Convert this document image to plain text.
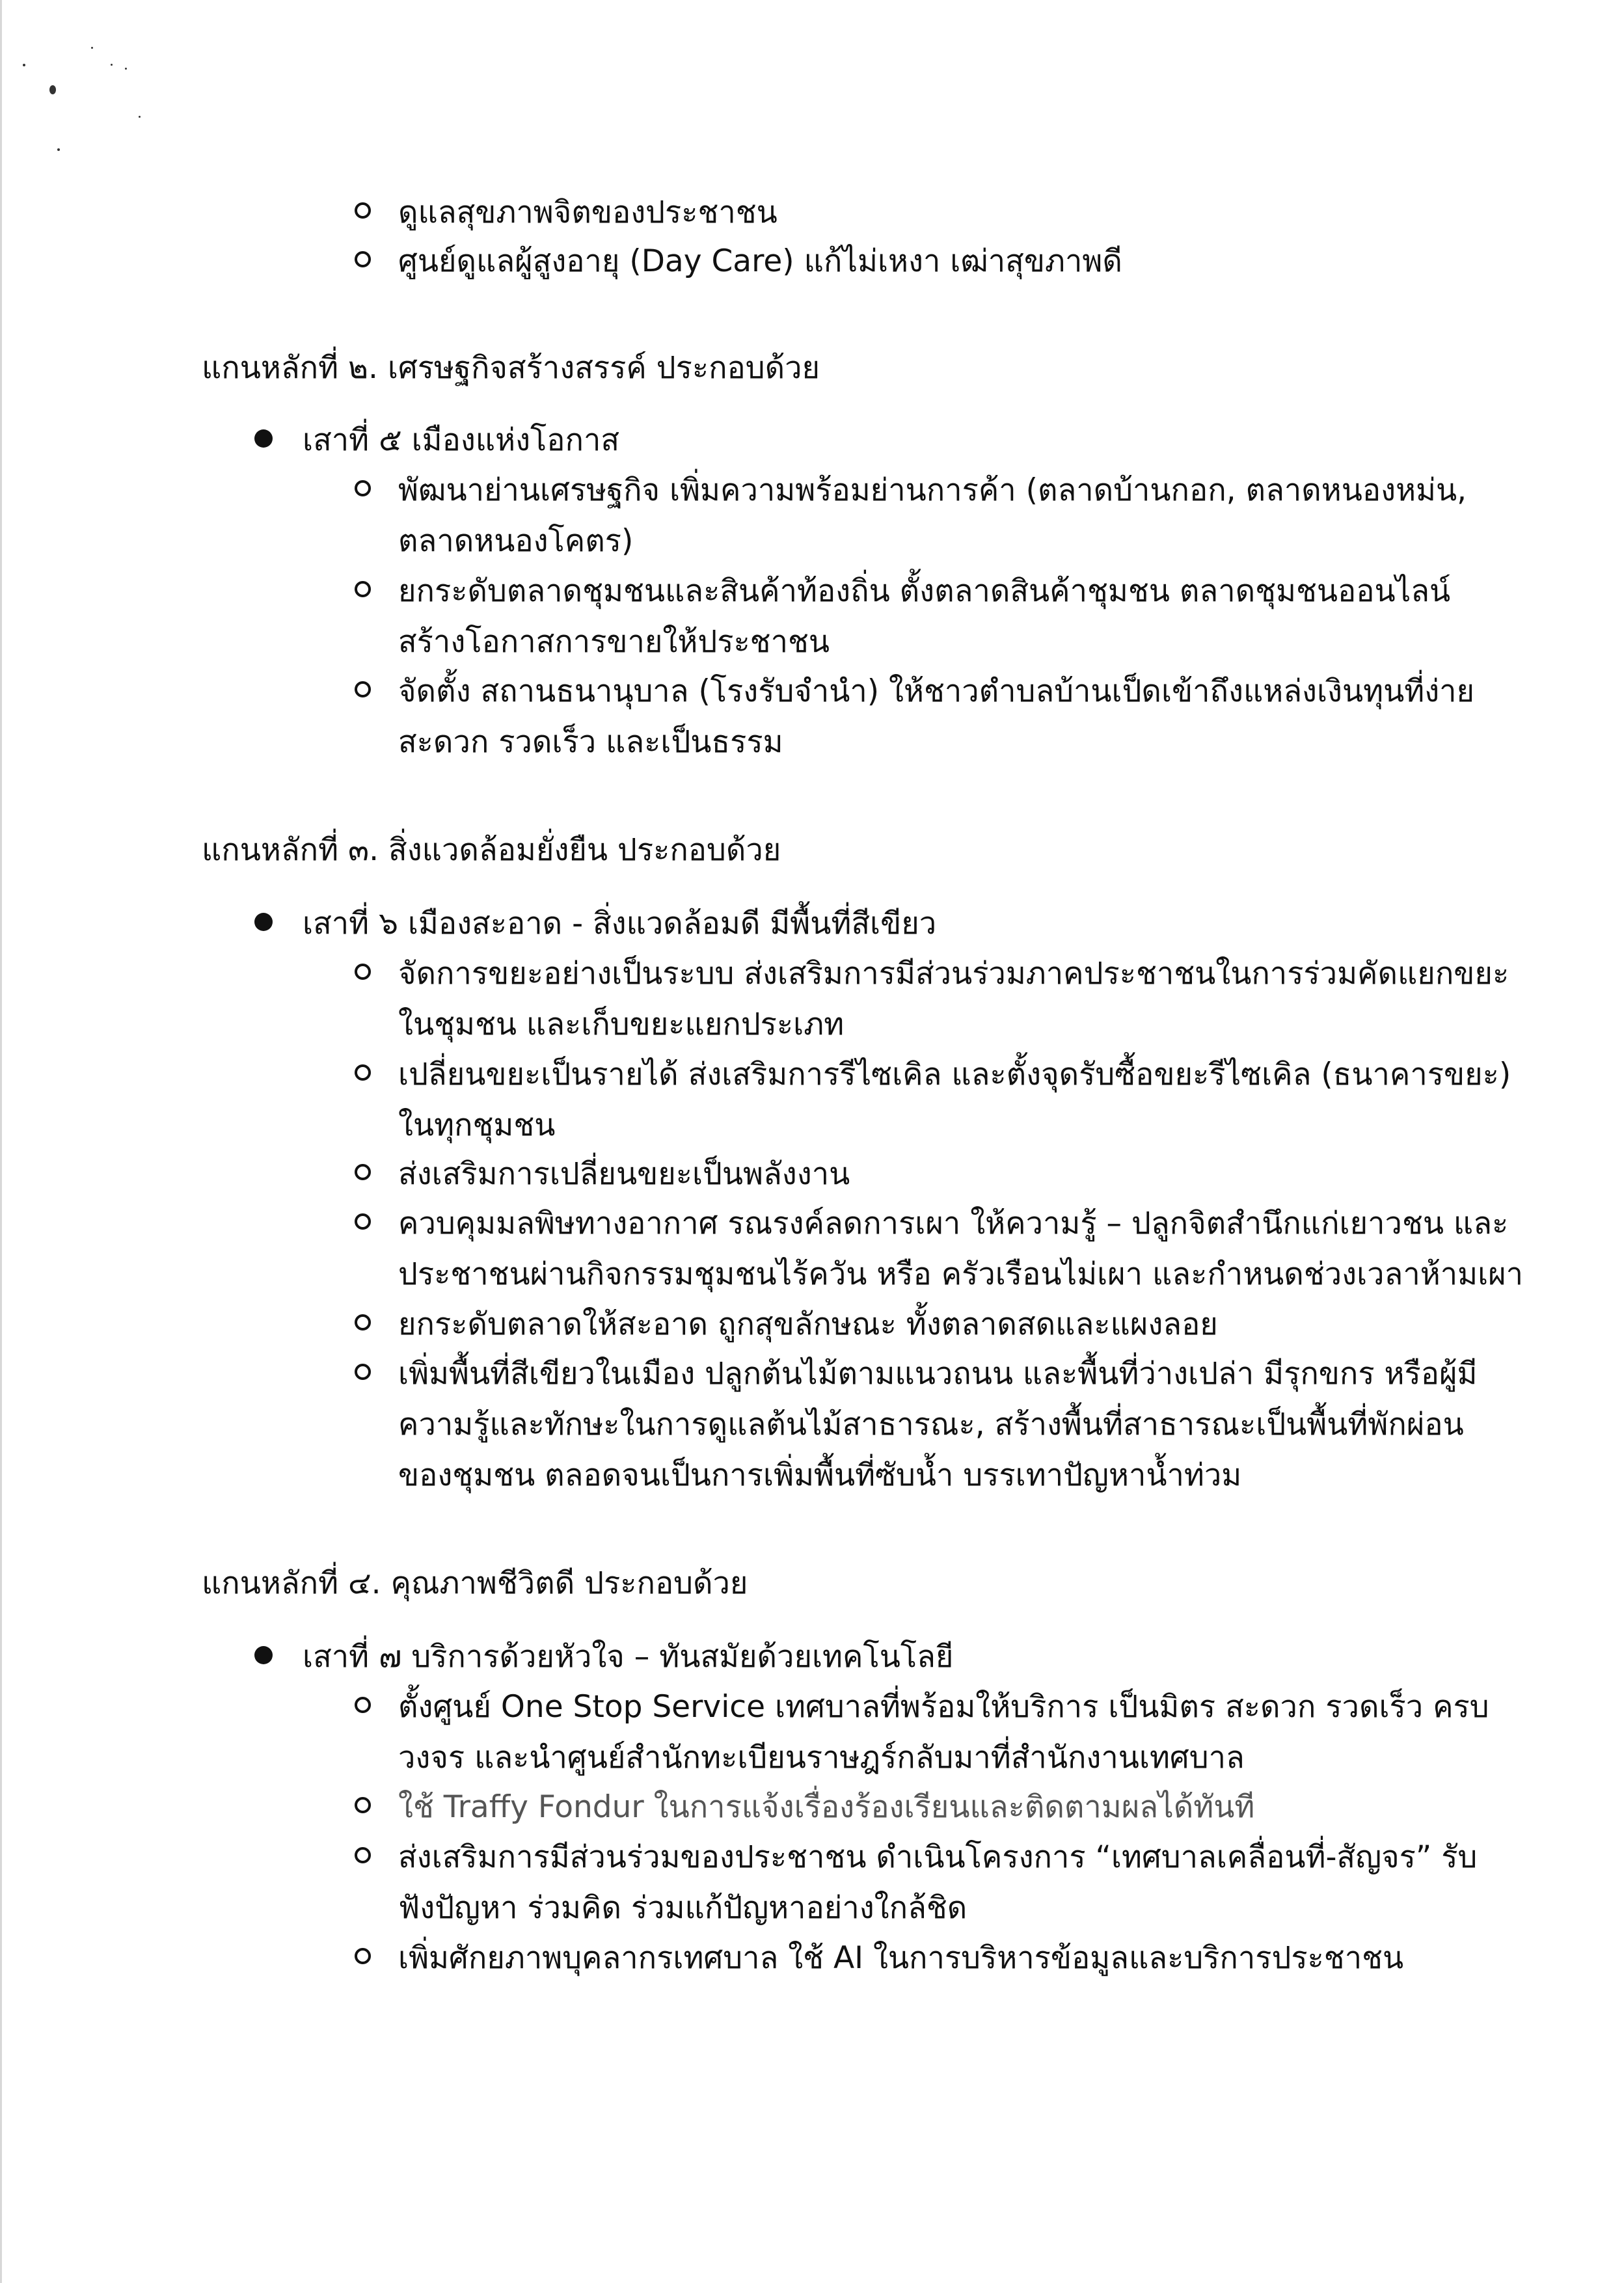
ดูแลสุขภาพจิตของประชาชน
ศูนย์ดูแลผู้สูงอายุ (Day Care) แก้ไม่เหงา เฒ่าสุขภาพดี
แกนหลักที่ ๒. เศรษฐกิจสร้างสรรค์ ประกอบด้วย
เสาที่ ๕ เมืองแห่งโอกาส
พัฒนาย่านเศรษฐกิจ เพิ่มความพร้อมย่านการค้า (ตลาดบ้านกอก, ตลาดหนองหม่น,
ตลาดหนองโคตร)
ยกระดับตลาดชุมชนและสินค้าท้องถิ่น ตั้งตลาดสินค้าชุมชน ตลาดชุมชนออนไลน์
สร้างโอกาสการขายให้ประชาชน
จัดตั้ง สถานธนานุบาล (โรงรับจำนำ) ให้ชาวตำบลบ้านเป็ดเข้าถึงแหล่งเงินทุนที่ง่าย
สะดวก รวดเร็ว และเป็นธรรม
แกนหลักที่ ๓. สิ่งแวดล้อมยั่งยืน ประกอบด้วย
เสาที่ ๖ เมืองสะอาด - สิ่งแวดล้อมดี มีพื้นที่สีเขียว
จัดการขยะอย่างเป็นระบบ ส่งเสริมการมีส่วนร่วมภาคประชาชนในการร่วมคัดแยกขยะ
ในชุมชน และเก็บขยะแยกประเภท
เปลี่ยนขยะเป็นรายได้ ส่งเสริมการรีไซเคิล และตั้งจุดรับซื้อขยะรีไซเคิล (ธนาคารขยะ)
ในทุกชุมชน
ส่งเสริมการเปลี่ยนขยะเป็นพลังงาน
ควบคุมมลพิษทางอากาศ รณรงค์ลดการเผา ให้ความรู้ – ปลูกจิตสำนึกแก่เยาวชน และ
ประชาชนผ่านกิจกรรมชุมชนไร้ควัน หรือ ครัวเรือนไม่เผา และกำหนดช่วงเวลาห้ามเผา
ยกระดับตลาดให้สะอาด ถูกสุขลักษณะ ทั้งตลาดสดและแผงลอย
เพิ่มพื้นที่สีเขียวในเมือง ปลูกต้นไม้ตามแนวถนน และพื้นที่ว่างเปล่า มีรุกขกร หรือผู้มี
ความรู้และทักษะในการดูแลต้นไม้สาธารณะ, สร้างพื้นที่สาธารณะเป็นพื้นที่พักผ่อน
ของชุมชน ตลอดจนเป็นการเพิ่มพื้นที่ซับน้ำ บรรเทาปัญหาน้ำท่วม
แกนหลักที่ ๔. คุณภาพชีวิตดี ประกอบด้วย
เสาที่ ๗ บริการด้วยหัวใจ – ทันสมัยด้วยเทคโนโลยี
ตั้งศูนย์ One Stop Service เทศบาลที่พร้อมให้บริการ เป็นมิตร สะดวก รวดเร็ว ครบ
วงจร และนำศูนย์สำนักทะเบียนราษฎร์กลับมาที่สำนักงานเทศบาล
ใช้ Traffy Fondur ในการแจ้งเรื่องร้องเรียนและติดตามผลได้ทันที
ส่งเสริมการมีส่วนร่วมของประชาชน ดำเนินโครงการ “เทศบาลเคลื่อนที่-สัญจร” รับ
ฟังปัญหา ร่วมคิด ร่วมแก้ปัญหาอย่างใกล้ชิด
เพิ่มศักยภาพบุคลากรเทศบาล ใช้ AI ในการบริหารข้อมูลและบริการประชาชน
